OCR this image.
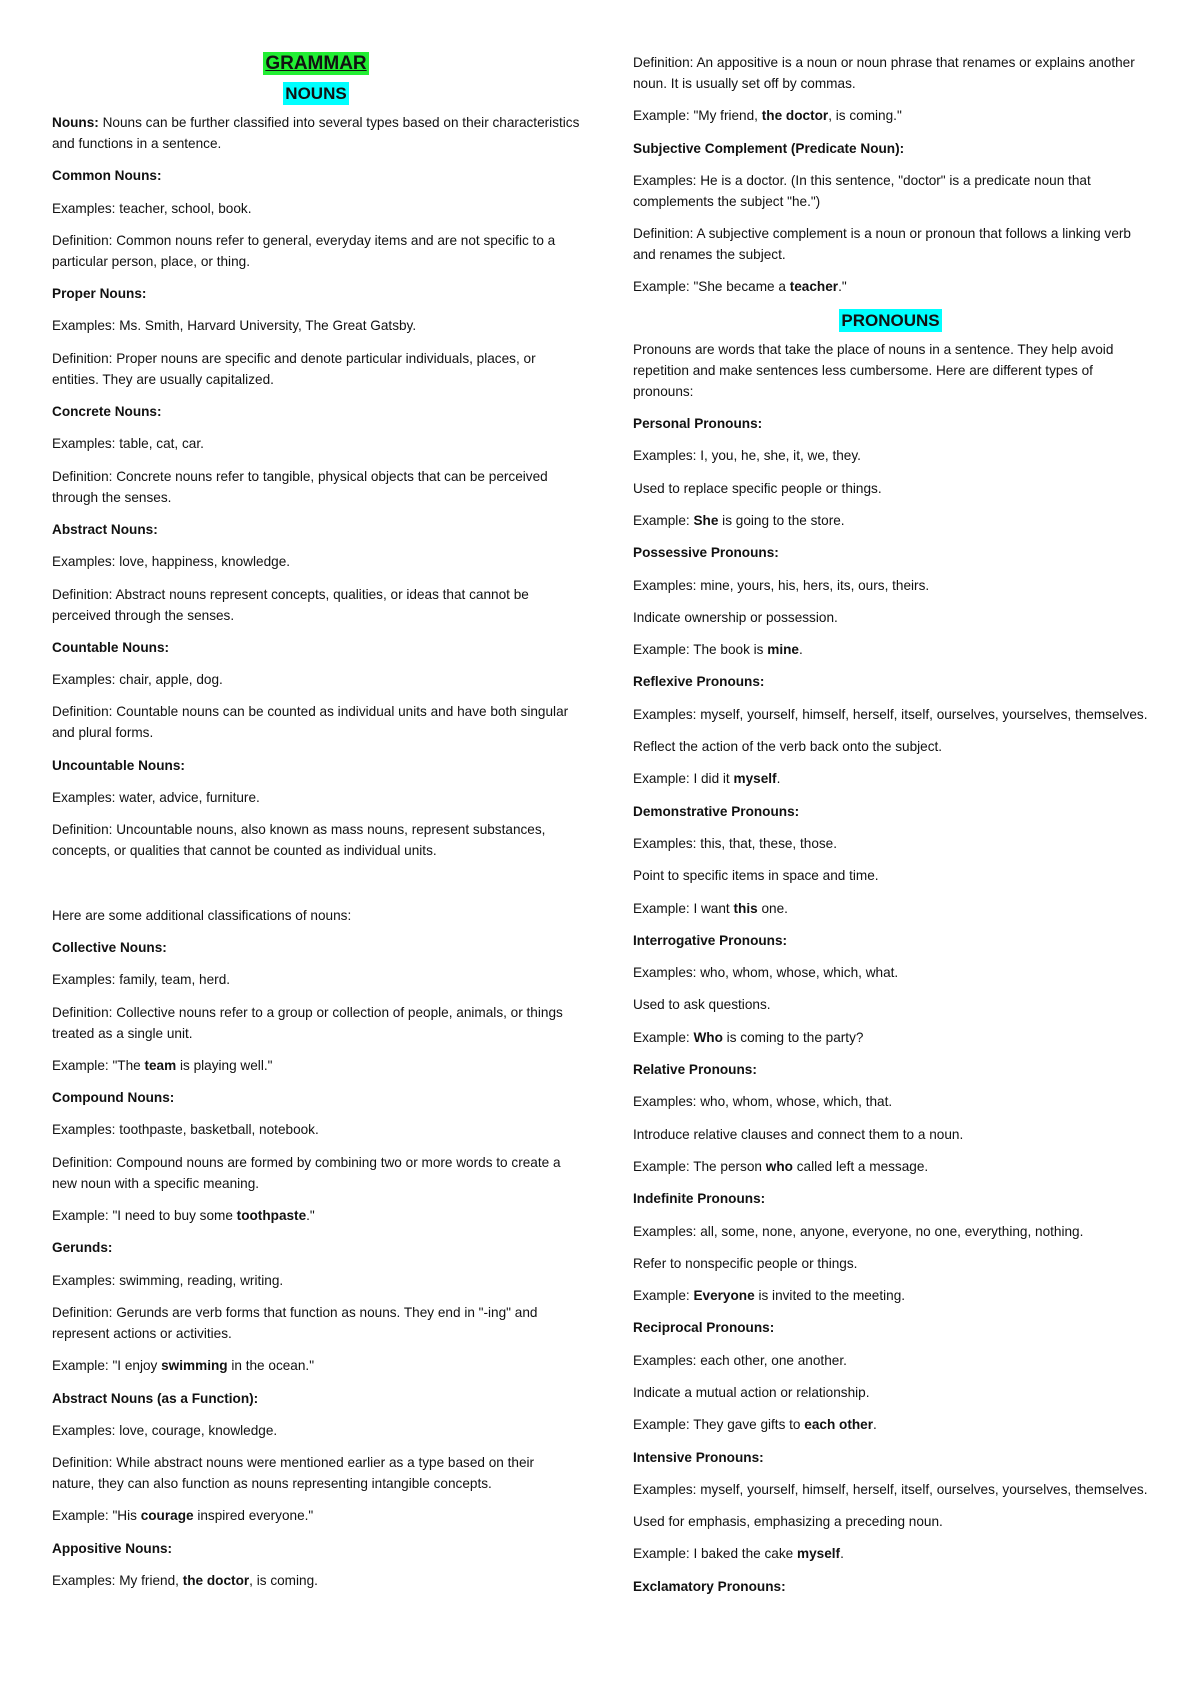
GRAMMAR
NOUNS

Nouns: Nouns can be further classified into several types based on their characteristics and functions in a sentence.

Common Nouns:

Examples: teacher, school, book.

Definition: Common nouns refer to general, everyday items and are not specific to a particular person, place, or thing.

Proper Nouns:

Examples: Ms. Smith, Harvard University, The Great Gatsby.

Definition: Proper nouns are specific and denote particular individuals, places, or entities. They are usually capitalized.

Concrete Nouns:

Examples: table, cat, car.

Definition: Concrete nouns refer to tangible, physical objects that can be perceived through the senses.

Abstract Nouns:

Examples: love, happiness, knowledge.

Definition: Abstract nouns represent concepts, qualities, or ideas that cannot be perceived through the senses.

Countable Nouns:

Examples: chair, apple, dog.

Definition: Countable nouns can be counted as individual units and have both singular and plural forms.

Uncountable Nouns:

Examples: water, advice, furniture.

Definition: Uncountable nouns, also known as mass nouns, represent substances, concepts, or qualities that cannot be counted as individual units.

Here are some additional classifications of nouns:

Collective Nouns:

Examples: family, team, herd.

Definition: Collective nouns refer to a group or collection of people, animals, or things treated as a single unit.

Example: "The team is playing well."

Compound Nouns:

Examples: toothpaste, basketball, notebook.

Definition: Compound nouns are formed by combining two or more words to create a new noun with a specific meaning.

Example: "I need to buy some toothpaste."

Gerunds:

Examples: swimming, reading, writing.

Definition: Gerunds are verb forms that function as nouns. They end in "-ing" and represent actions or activities.

Example: "I enjoy swimming in the ocean."

Abstract Nouns (as a Function):

Examples: love, courage, knowledge.

Definition: While abstract nouns were mentioned earlier as a type based on their nature, they can also function as nouns representing intangible concepts.

Example: "His courage inspired everyone."

Appositive Nouns:

Examples: My friend, the doctor, is coming.

Definition: An appositive is a noun or noun phrase that renames or explains another noun. It is usually set off by commas.

Example: "My friend, the doctor, is coming."

Subjective Complement (Predicate Noun):

Examples: He is a doctor. (In this sentence, "doctor" is a predicate noun that complements the subject "he.")

Definition: A subjective complement is a noun or pronoun that follows a linking verb and renames the subject.

Example: "She became a teacher."

PRONOUNS

Pronouns are words that take the place of nouns in a sentence. They help avoid repetition and make sentences less cumbersome. Here are different types of pronouns:

Personal Pronouns:

Examples: I, you, he, she, it, we, they.

Used to replace specific people or things.

Example: She is going to the store.

Possessive Pronouns:

Examples: mine, yours, his, hers, its, ours, theirs.

Indicate ownership or possession.

Example: The book is mine.

Reflexive Pronouns:

Examples: myself, yourself, himself, herself, itself, ourselves, yourselves, themselves.

Reflect the action of the verb back onto the subject.

Example: I did it myself.

Demonstrative Pronouns:

Examples: this, that, these, those.

Point to specific items in space and time.

Example: I want this one.

Interrogative Pronouns:

Examples: who, whom, whose, which, what.

Used to ask questions.

Example: Who is coming to the party?

Relative Pronouns:

Examples: who, whom, whose, which, that.

Introduce relative clauses and connect them to a noun.

Example: The person who called left a message.

Indefinite Pronouns:

Examples: all, some, none, anyone, everyone, no one, everything, nothing.

Refer to nonspecific people or things.

Example: Everyone is invited to the meeting.

Reciprocal Pronouns:

Examples: each other, one another.

Indicate a mutual action or relationship.

Example: They gave gifts to each other.

Intensive Pronouns:

Examples: myself, yourself, himself, herself, itself, ourselves, yourselves, themselves.

Used for emphasis, emphasizing a preceding noun.

Example: I baked the cake myself.

Exclamatory Pronouns:
